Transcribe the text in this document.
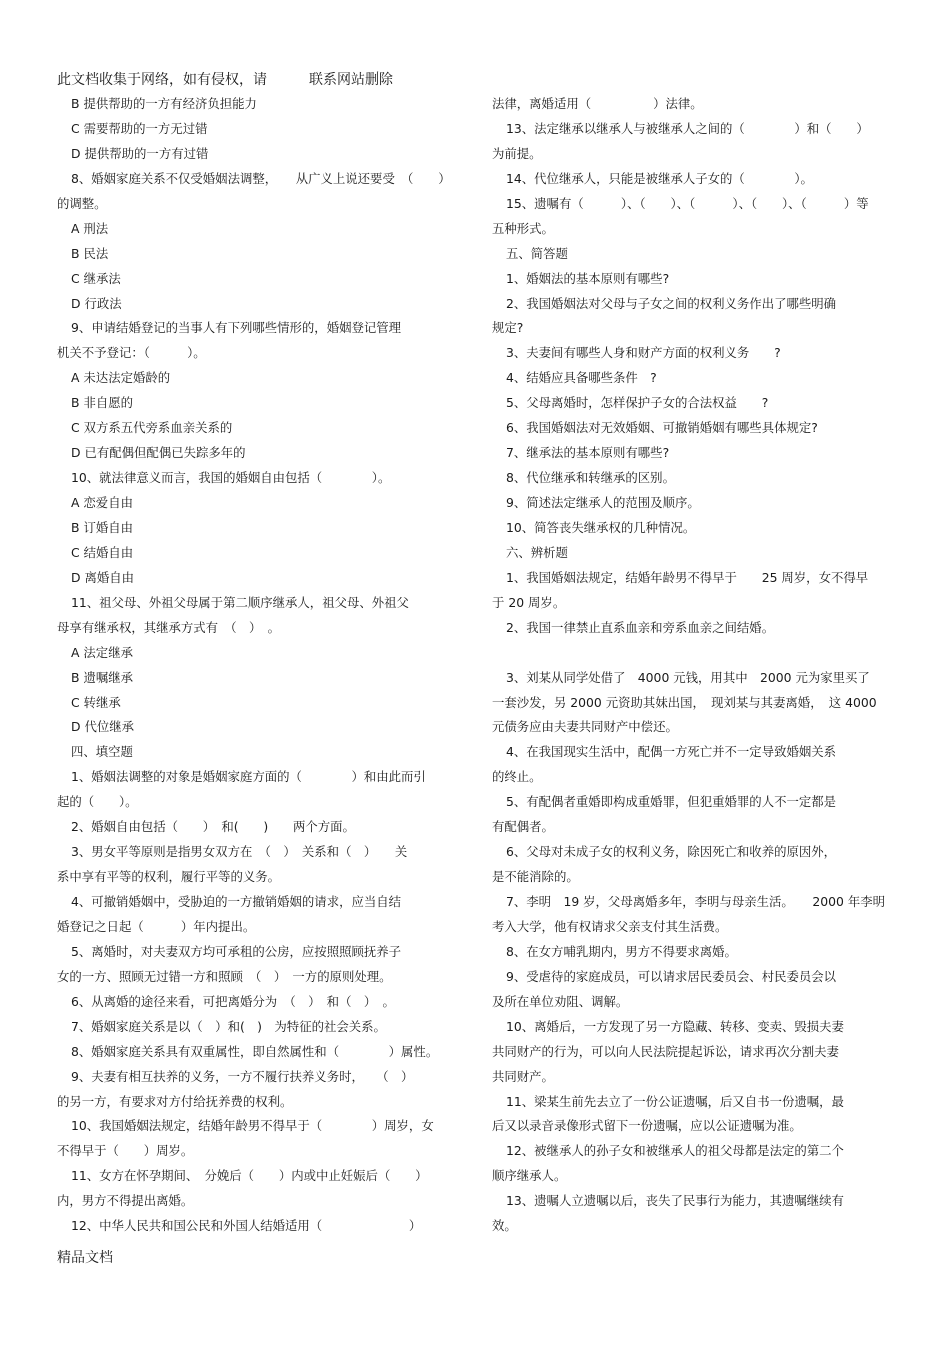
此文档收集于网络，如有侵权，请　　　联系网站删除
B 提供帮助的一方有经济负担能力
C 需要帮助的一方无过错
D 提供帮助的一方有过错
8、婚姻家庭关系不仅受婚姻法调整，　　从广义上说还要受　（　　）
的调整。
A 刑法
B 民法
C 继承法
D 行政法
9、申请结婚登记的当事人有下列哪些情形的，婚姻登记管理
机关不予登记：（　　　）。
A 未达法定婚龄的
B 非自愿的
C 双方系五代旁系血亲关系的
D 已有配偶但配偶已失踪多年的
10、就法律意义而言，我国的婚姻自由包括（　　　　）。
A 恋爱自由
B 订婚自由
C 结婚自由
D 离婚自由
11、祖父母、外祖父母属于第二顺序继承人，祖父母、外祖父
母享有继承权，其继承方式有　（　）　。
A 法定继承
B 遗嘱继承
C 转继承
D 代位继承
四、填空题
1、婚姻法调整的对象是婚姻家庭方面的（　　　　）和由此而引
起的（　　）。
2、婚姻自由包括（　　）　和(　　)　　两个方面。
3、男女平等原则是指男女双方在　（　）　关系和（　）　　关
系中享有平等的权利，履行平等的义务。
4、可撤销婚姻中，受胁迫的一方撤销婚姻的请求，应当自结
婚登记之日起（　　　）年内提出。
5、离婚时，对夫妻双方均可承租的公房，应按照照顾抚养子
女的一方、照顾无过错一方和照顾　（　）　一方的原则处理。
6、从离婚的途径来看，可把离婚分为　（　）　和（　）　。
7、婚姻家庭关系是以（　）和(　)　为特征的社会关系。
8、婚姻家庭关系具有双重属性，即自然属性和（　　　　）属性。
9、夫妻有相互扶养的义务，一方不履行扶养义务时，　　（　）
的另一方，有要求对方付给抚养费的权利。
10、我国婚姻法规定，结婚年龄男不得早于（　　　　）周岁，女
不得早于（　　）周岁。
11、女方在怀孕期间、　分娩后（　　）内或中止妊娠后（　　）
内，男方不得提出离婚。
12、中华人民共和国公民和外国人结婚适用（　　　　　　　）
法律，离婚适用（　　　　　）法律。
13、法定继承以继承人与被继承人之间的（　　　　）和（　　）
为前提。
14、代位继承人，只能是被继承人子女的（　　　　）。
15、遗嘱有（　　　）、（　　）、（　　　）、（　　）、（　　　）等
五种形式。
五、简答题
1、婚姻法的基本原则有哪些?
2、我国婚姻法对父母与子女之间的权利义务作出了哪些明确
规定?
3、夫妻间有哪些人身和财产方面的权利义务　　?
4、结婚应具备哪些条件　?
5、父母离婚时，怎样保护子女的合法权益　　?
6、我国婚姻法对无效婚姻、可撤销婚姻有哪些具体规定?
7、继承法的基本原则有哪些?
8、代位继承和转继承的区别。
9、简述法定继承人的范围及顺序。
10、简答丧失继承权的几种情况。
六、辨析题
1、我国婚姻法规定，结婚年龄男不得早于　　25 周岁，女不得早
于 20 周岁。
2、我国一律禁止直系血亲和旁系血亲之间结婚。
3、刘某从同学处借了　4000 元钱，用其中　2000 元为家里买了
一套沙发，另 2000 元资助其妹出国，　现刘某与其妻离婚，　这 4000
元债务应由夫妻共同财产中偿还。
4、在我国现实生活中，配偶一方死亡并不一定导致婚姻关系
的终止。
5、有配偶者重婚即构成重婚罪，但犯重婚罪的人不一定都是
有配偶者。
6、父母对未成子女的权利义务，除因死亡和收养的原因外，
是不能消除的。
7、李明　19 岁，父母离婚多年，李明与母亲生活。　　2000 年李明
考入大学，他有权请求父亲支付其生活费。
8、在女方哺乳期内，男方不得要求离婚。
9、受虐待的家庭成员，可以请求居民委员会、村民委员会以
及所在单位劝阻、调解。
10、离婚后，一方发现了另一方隐藏、转移、变卖、毁损夫妻
共同财产的行为，可以向人民法院提起诉讼，请求再次分割夫妻
共同财产。
11、梁某生前先去立了一份公证遗嘱，后又自书一份遗嘱，最
后又以录音录像形式留下一份遗嘱，应以公证遗嘱为准。
12、被继承人的孙子女和被继承人的祖父母都是法定的第二个
顺序继承人。
13、遗嘱人立遗嘱以后，丧失了民事行为能力，其遗嘱继续有
效。
精品文档
